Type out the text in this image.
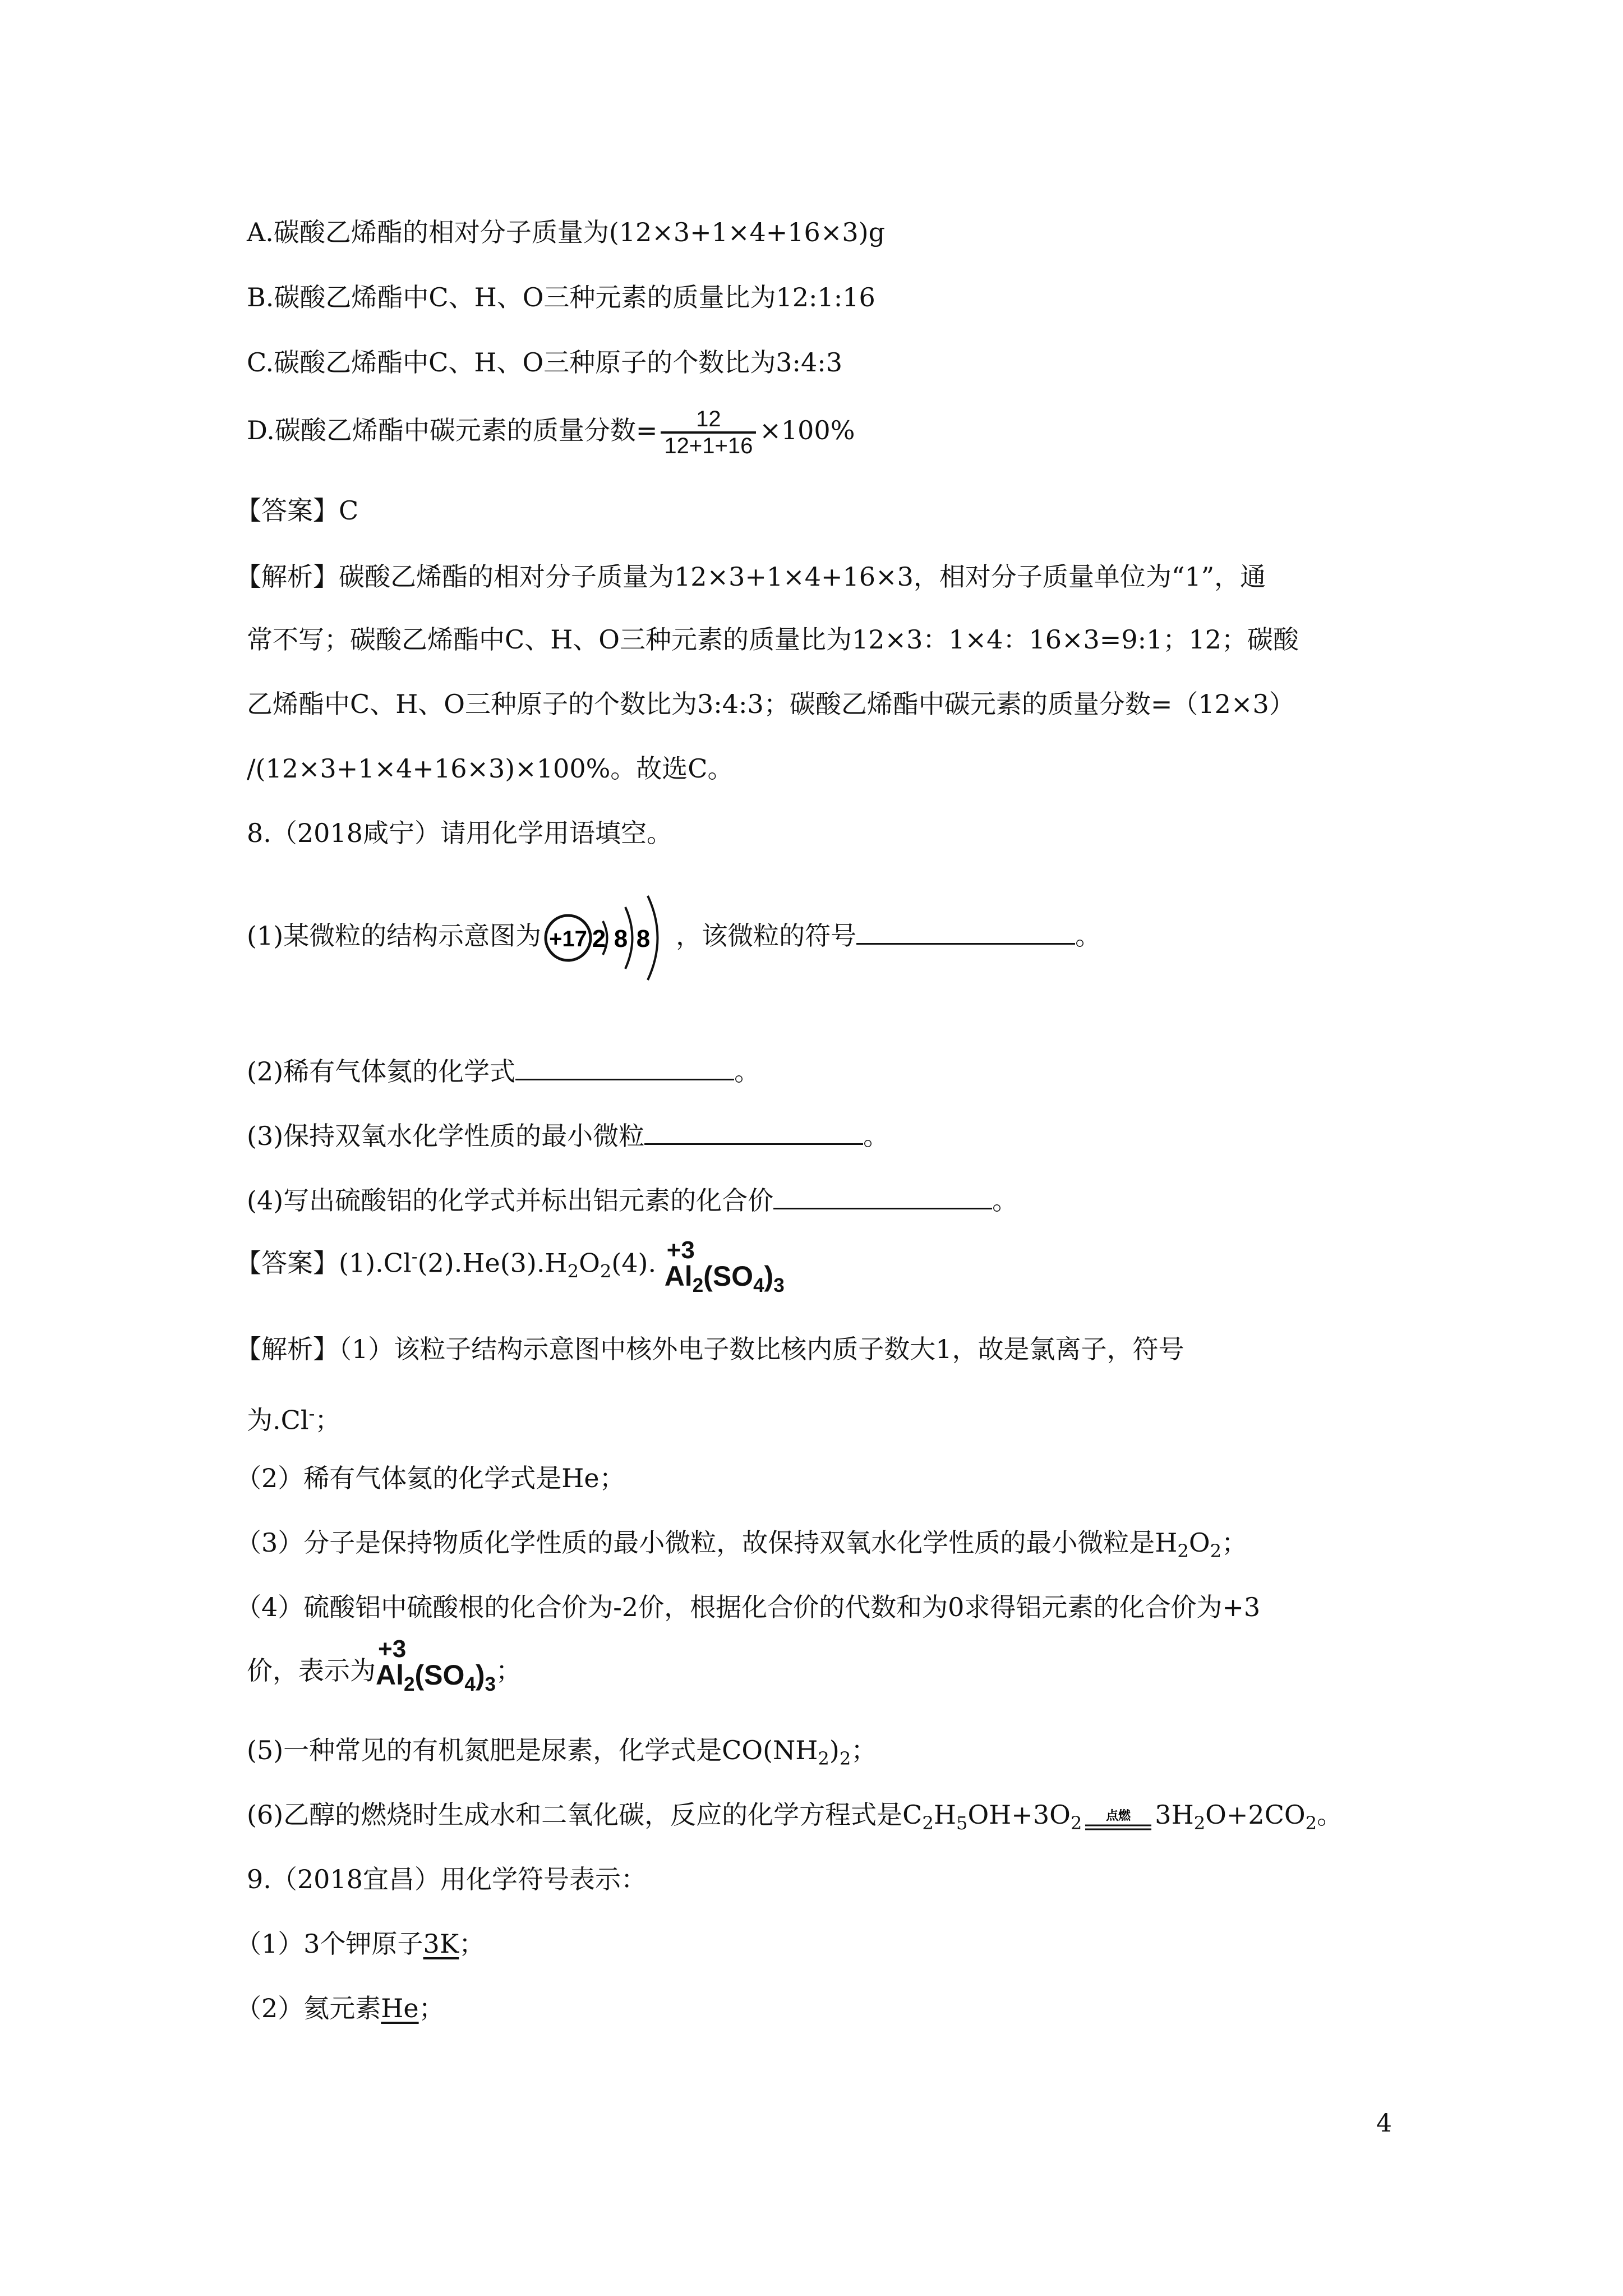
A.碳酸乙烯酯的相对分子质量为(12×3+1×4+16×3)g
B.碳酸乙烯酯中C、H、O三种元素的质量比为12:1:16
C.碳酸乙烯酯中C、H、O三种原子的个数比为3:4:3
D.碳酸乙烯酯中碳元素的质量分数= $\frac{12}{12+1+16} \times 100\%$
【答案】C
【解析】碳酸乙烯酯的相对分子质量为12×3+1×4+16×3，相对分子质量单位为“1”，通
常不写；碳酸乙烯酯中C、H、O三种元素的质量比为12×3：1×4：16×3=9:1；12；碳酸
乙烯酯中C、H、O三种原子的个数比为3:4:3；碳酸乙烯酯中碳元素的质量分数=（12×3）
/(12×3+1×4+16×3)×100%。故选C。
8.（2018咸宁）请用化学用语填空。
(1)某微粒的结构示意图为 +17 2 8 8 ，该微粒的符号	。
(2)稀有气体氦的化学式	。
(3)保持双氧水化学性质的最小微粒	。
(4)写出硫酸铝的化学式并标出铝元素的化合价	。
【答案】$(1).Cl^-(2).He(3).H_2O_2(4)$. +3
$Al_2(SO_4)_3$
【解析】（1）该粒子结构示意图中核外电子数比核内质子数大1，故是氯离子，符号
为.Cl-；
（2）稀有气体氦的化学式是He；
（3）分子是保持物质化学性质的最小微粒，故保持双氧水化学性质的最小微粒是$H_2O_2$；
（4）硫酸铝中硫酸根的化合价为-2价，根据化合价的代数和为0求得铝元素的化合价为+3
价，表示为
+3
$Al_2(SO_4)_3$；
(5)一种常见的有机氮肥是尿素，化学式是$CO(NH_2)_2$；
(6)乙醇的燃烧时生成水和二氧化碳，反应的化学方程式是$C_2H_5OH+3O_2$ 点燃 $3H_2O+2CO_2$。
9.（2018宜昌）用化学符号表示：
（1）3个钾原子3K；
（2）氦元素He；
4
